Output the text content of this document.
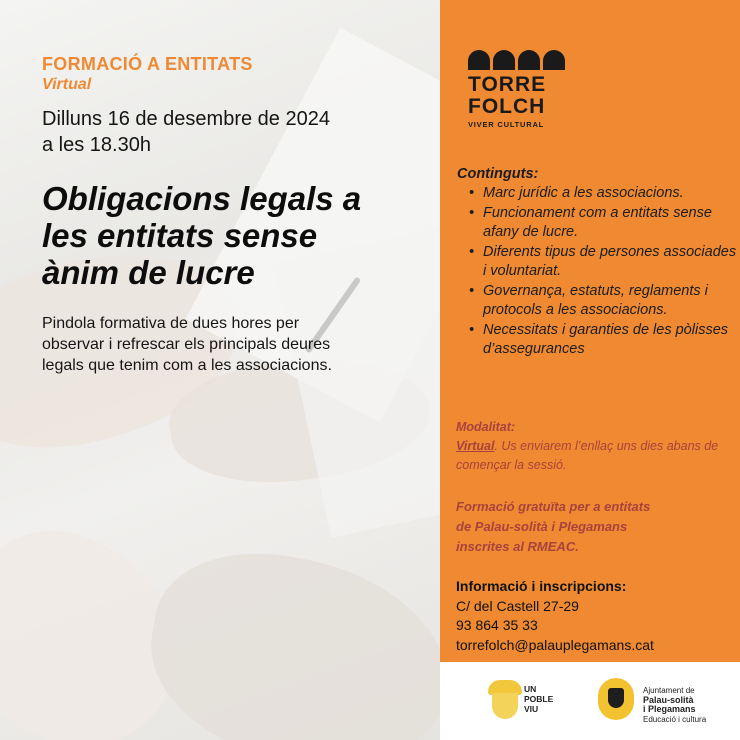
FORMACIÓ A ENTITATS
Virtual
Dilluns 16 de desembre de 2024
a les 18.30h
Obligacions legals a
les entitats sense
ànim de lucre
Pindola formativa de dues hores per
observar i refrescar els principals deures
legals que tenim com a les associacions.
TORRE
FOLCH
VIVER CULTURAL
Continguts:
• Marc jurídic a les associacions.
• Funcionament com a entitats sense afany de lucre.
• Diferents tipus de persones associades i voluntariat.
• Governança, estatuts, reglaments i protocols a les associacions.
• Necessitats i garanties de les pòlisses d’assegurances
Modalitat:
Virtual. Us enviarem l’enllaç uns dies abans de començar la sessió.
Formació gratuïta per a entitats
de Palau-solità i Plegamans
inscrites al RMEAC.
Informació i inscripcions:
C/ del Castell 27-29
93 864 35 33
torrefolch@palauplegamans.cat
UN
POBLE
VIU
Ajuntament de
Palau-solità
i Plegamans
Educació i cultura
